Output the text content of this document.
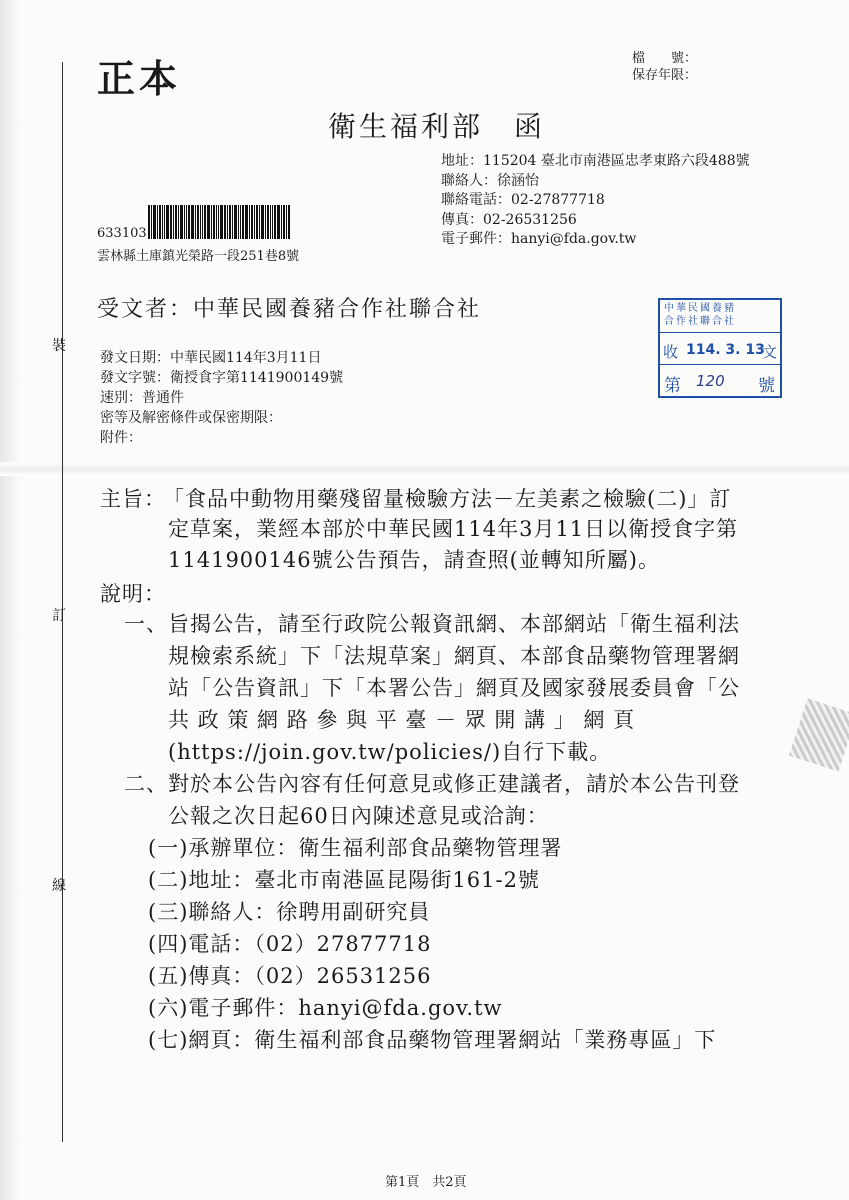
裝
訂
線
正本	檔　　號：
保存年限：
衛生福利部　函
地址：115204 臺北市南港區忠孝東路六段488號
聯絡人：徐涵怡
聯絡電話：02-27877718
傳真：02-26531256
電子郵件：hanyi@fda.gov.tw
633103
雲林縣土庫鎮光榮路一段251巷8號
受文者：中華民國養豬合作社聯合社
發文日期：中華民國114年3月11日
發文字號：衛授食字第1141900149號
速別：普通件
密等及解密條件或保密期限：
附件：
中華民國養豬
合作社聯合社
收 114. 3. 13
文
第 120 號
主旨：
「食品中動物用藥殘留量檢驗方法－左美素之檢驗(二)」訂
定草案，業經本部於中華民國114年3月11日以衛授食字第
1141900146號公告預告，請查照(並轉知所屬)。
說明：
一、旨揭公告，請至行政院公報資訊網、本部網站「衛生福利法
規檢索系統」下「法規草案」網頁、本部食品藥物管理署網
站「公告資訊」下「本署公告」網頁及國家發展委員會「公
共 政 策 網 路 參 與 平 臺 － 眾 開 講 」 網 頁
(https://join.gov.tw/policies/)自行下載。
二、對於本公告內容有任何意見或修正建議者，請於本公告刊登
公報之次日起60日內陳述意見或洽詢：
(一)承辦單位：衛生福利部食品藥物管理署
(二)地址：臺北市南港區昆陽街161-2號
(三)聯絡人：徐聘用副研究員
(四)電話：（02）27877718
(五)傳真：（02）26531256
(六)電子郵件：hanyi@fda.gov.tw
(七)網頁：衛生福利部食品藥物管理署網站「業務專區」下
第1頁　共2頁
